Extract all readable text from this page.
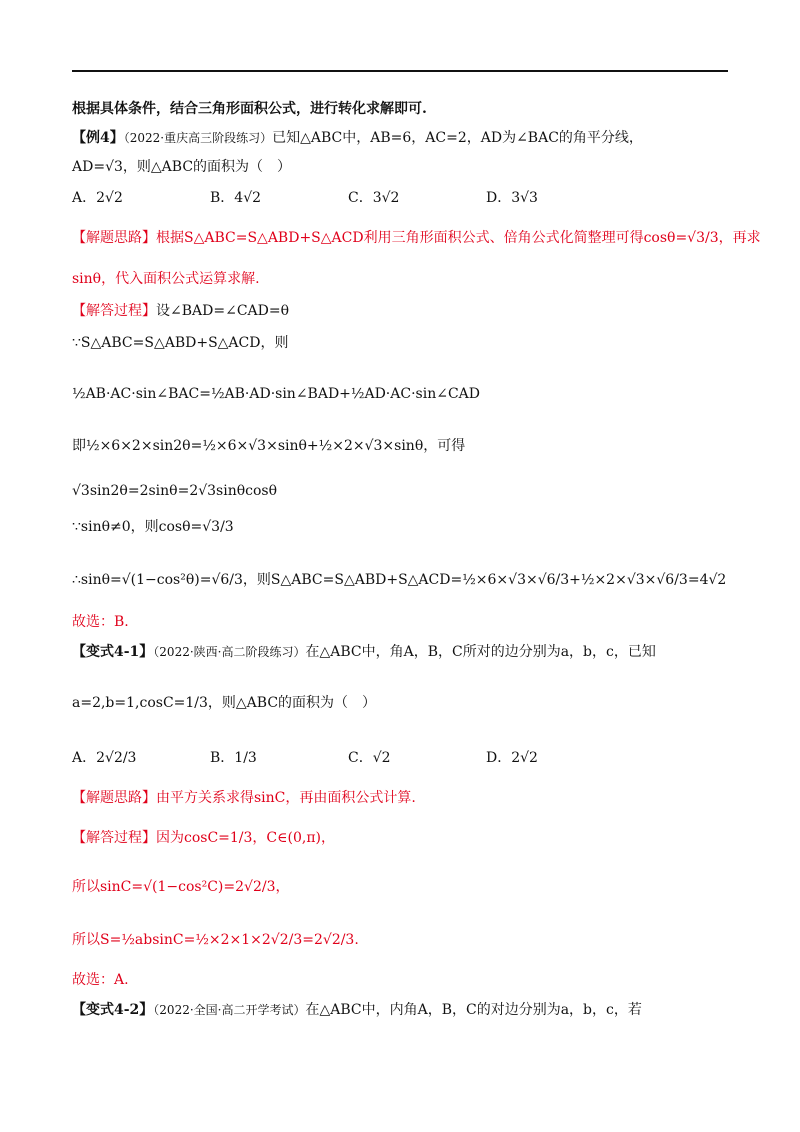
根据具体条件，结合三角形面积公式，进行转化求解即可.
【例4】（2022·重庆高三阶段练习）已知△ABC中，AB=6，AC=2，AD为∠BAC的角平分线，
AD=√3，则△ABC的面积为（　）
A．2√2	B．4√2	C．3√2	D．3√3
【解题思路】根据S△ABC=S△ABD+S△ACD利用三角形面积公式、倍角公式化简整理可得cosθ=√3/3，再求
sinθ，代入面积公式运算求解.
【解答过程】设∠BAD=∠CAD=θ
∵S△ABC=S△ABD+S△ACD，则
½AB·AC·sin∠BAC=½AB·AD·sin∠BAD+½AD·AC·sin∠CAD
即½×6×2×sin2θ=½×6×√3×sinθ+½×2×√3×sinθ，可得
√3sin2θ=2sinθ=2√3sinθcosθ
∵sinθ≠0，则cosθ=√3/3
∴sinθ=√(1−cos²θ)=√6/3，则S△ABC=S△ABD+S△ACD=½×6×√3×√6/3+½×2×√3×√6/3=4√2
故选：B.
【变式4-1】（2022·陕西·高二阶段练习）在△ABC中，角A，B，C所对的边分别为a，b，c，已知
a=2,b=1,cosC=1/3，则△ABC的面积为（　）
A．2√2/3	B．1/3	C．√2	D．2√2
【解题思路】由平方关系求得sinC，再由面积公式计算.
【解答过程】因为cosC=1/3，C∈(0,π)，
所以sinC=√(1−cos²C)=2√2/3，
所以S=½absinC=½×2×1×2√2/3=2√2/3.
故选：A.
【变式4-2】（2022·全国·高二开学考试）在△ABC中，内角A，B，C的对边分别为a，b，c，若
